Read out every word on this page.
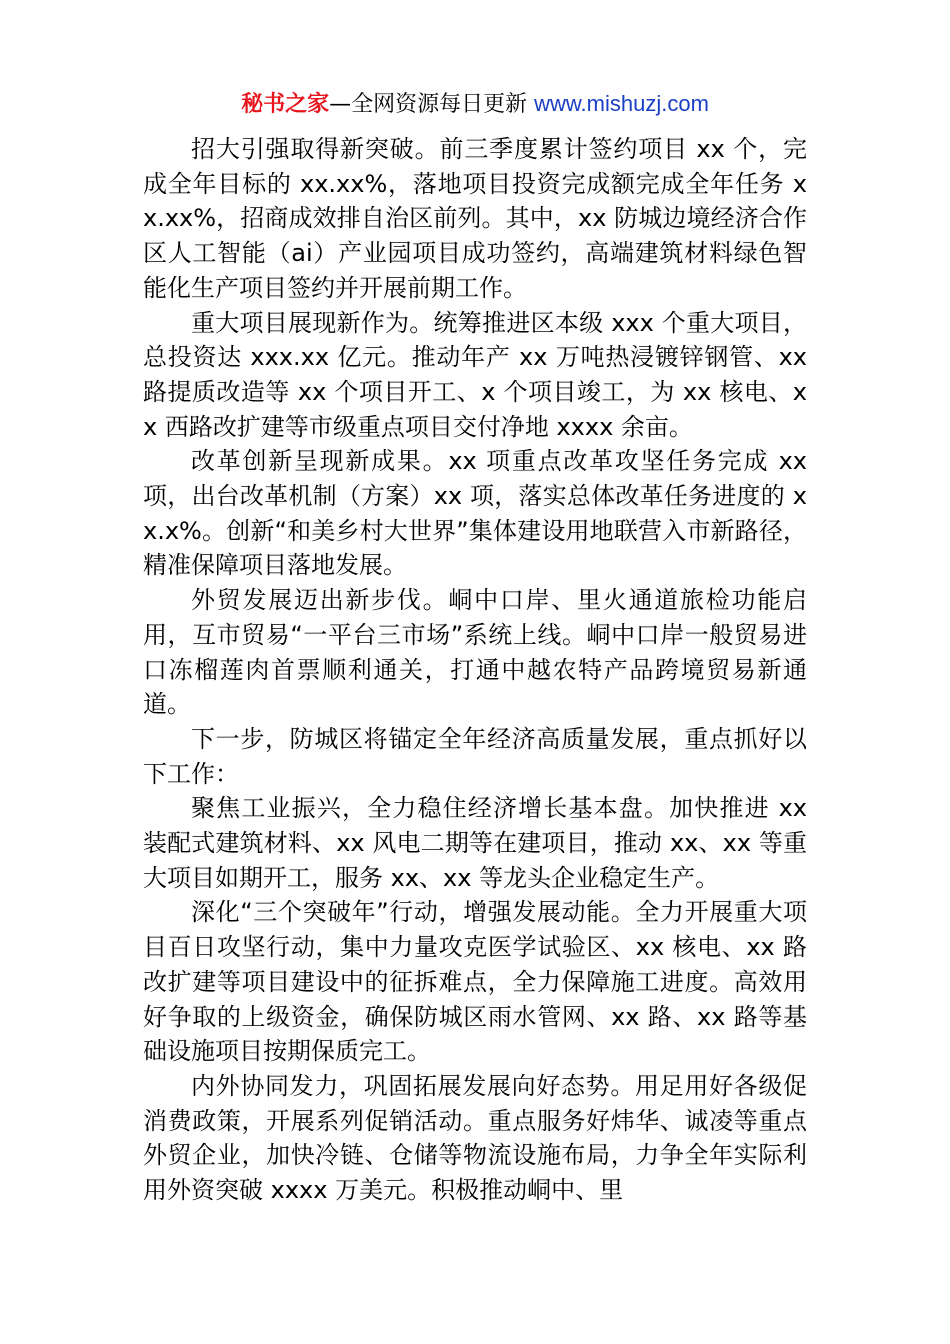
秘书之家—全网资源每日更新 www.mishuzj.com

招大引强取得新突破。前三季度累计签约项目 xx 个，完成全年目标的 xx.xx%，落地项目投资完成额完成全年任务 xx.xx%，招商成效排自治区前列。其中，xx 防城边境经济合作区人工智能（ai）产业园项目成功签约，高端建筑材料绿色智能化生产项目签约并开展前期工作。

重大项目展现新作为。统筹推进区本级 xxx 个重大项目，总投资达 xxx.xx 亿元。推动年产 xx 万吨热浸镀锌钢管、xx 路提质改造等 xx 个项目开工、x 个项目竣工，为 xx 核电、xx 西路改扩建等市级重点项目交付净地 xxxx 余亩。

改革创新呈现新成果。xx 项重点改革攻坚任务完成 xx 项，出台改革机制（方案）xx 项，落实总体改革任务进度的 xx.x%。创新“和美乡村大世界”集体建设用地联营入市新路径，精准保障项目落地发展。

外贸发展迈出新步伐。峒中口岸、里火通道旅检功能启用，互市贸易“一平台三市场”系统上线。峒中口岸一般贸易进口冻榴莲肉首票顺利通关，打通中越农特产品跨境贸易新通道。

下一步，防城区将锚定全年经济高质量发展，重点抓好以下工作：

聚焦工业振兴，全力稳住经济增长基本盘。加快推进 xx 装配式建筑材料、xx 风电二期等在建项目，推动 xx、xx 等重大项目如期开工，服务 xx、xx 等龙头企业稳定生产。

深化“三个突破年”行动，增强发展动能。全力开展重大项目百日攻坚行动，集中力量攻克医学试验区、xx 核电、xx 路改扩建等项目建设中的征拆难点，全力保障施工进度。高效用好争取的上级资金，确保防城区雨水管网、xx 路、xx 路等基础设施项目按期保质完工。

内外协同发力，巩固拓展发展向好态势。用足用好各级促消费政策，开展系列促销活动。重点服务好炜华、诚凌等重点外贸企业，加快冷链、仓储等物流设施布局，力争全年实际利用外资突破 xxxx 万美元。积极推动峒中、里
